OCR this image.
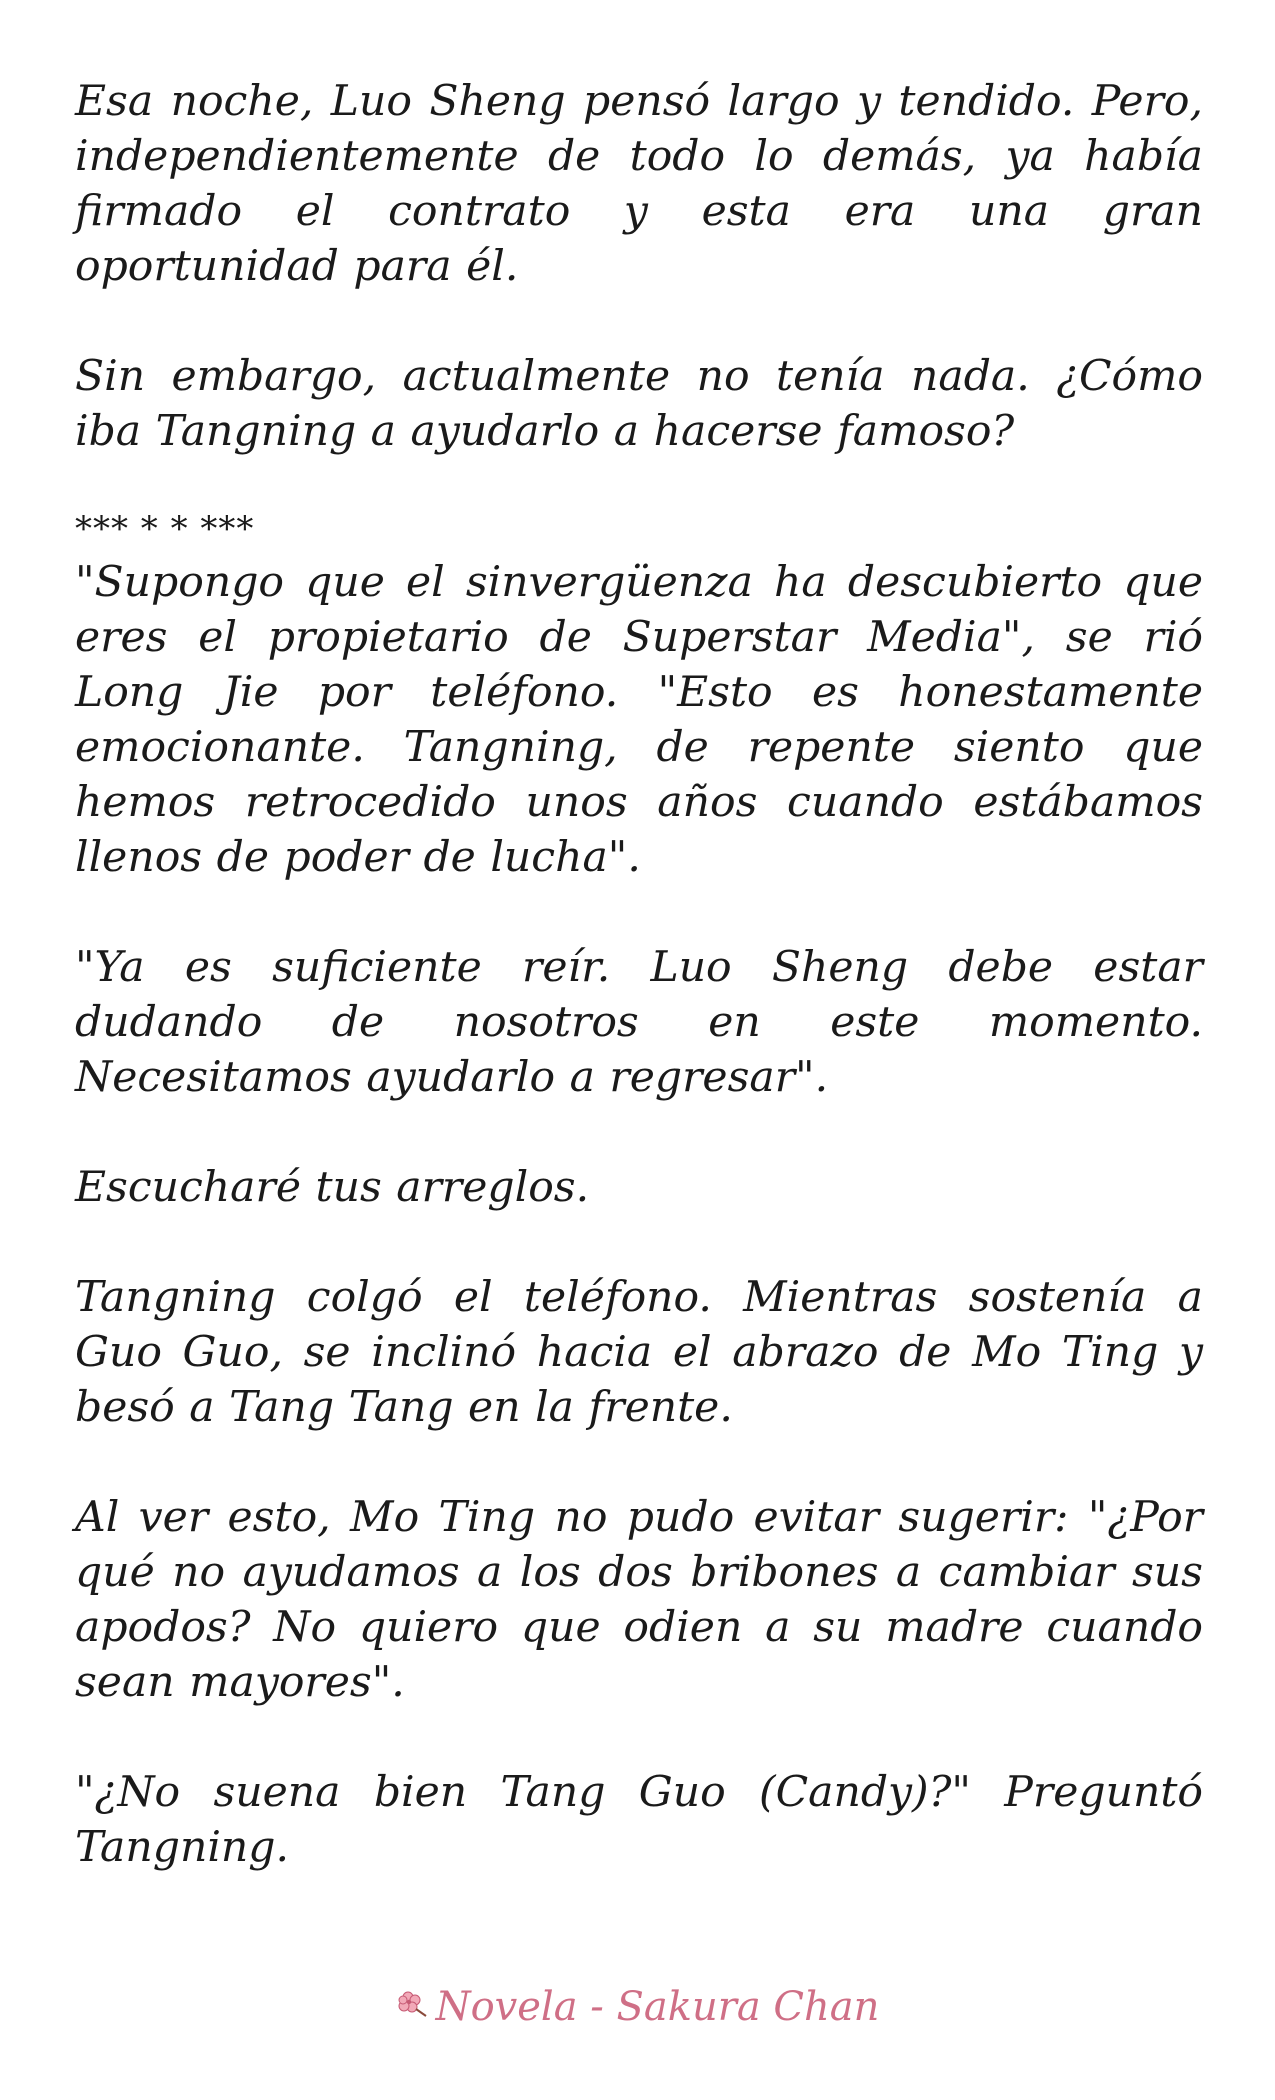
Esa noche, Luo Sheng pensó largo y tendido. Pero, independientemente de todo lo demás, ya había firmado el contrato y esta era una gran oportunidad para él.

Sin embargo, actualmente no tenía nada. ¿Cómo iba Tangning a ayudarlo a hacerse famoso?

*** * * ***

"Supongo que el sinvergüenza ha descubierto que eres el propietario de Superstar Media", se rió Long Jie por teléfono. "Esto es honestamente emocionante. Tangning, de repente siento que hemos retrocedido unos años cuando estábamos llenos de poder de lucha".

"Ya es suficiente reír. Luo Sheng debe estar dudando de nosotros en este momento. Necesitamos ayudarlo a regresar".

Escucharé tus arreglos.

Tangning colgó el teléfono. Mientras sostenía a Guo Guo, se inclinó hacia el abrazo de Mo Ting y besó a Tang Tang en la frente.

Al ver esto, Mo Ting no pudo evitar sugerir: "¿Por qué no ayudamos a los dos bribones a cambiar sus apodos? No quiero que odien a su madre cuando sean mayores".

"¿No suena bien Tang Guo (Candy)?" Preguntó Tangning.

Novela - Sakura Chan
